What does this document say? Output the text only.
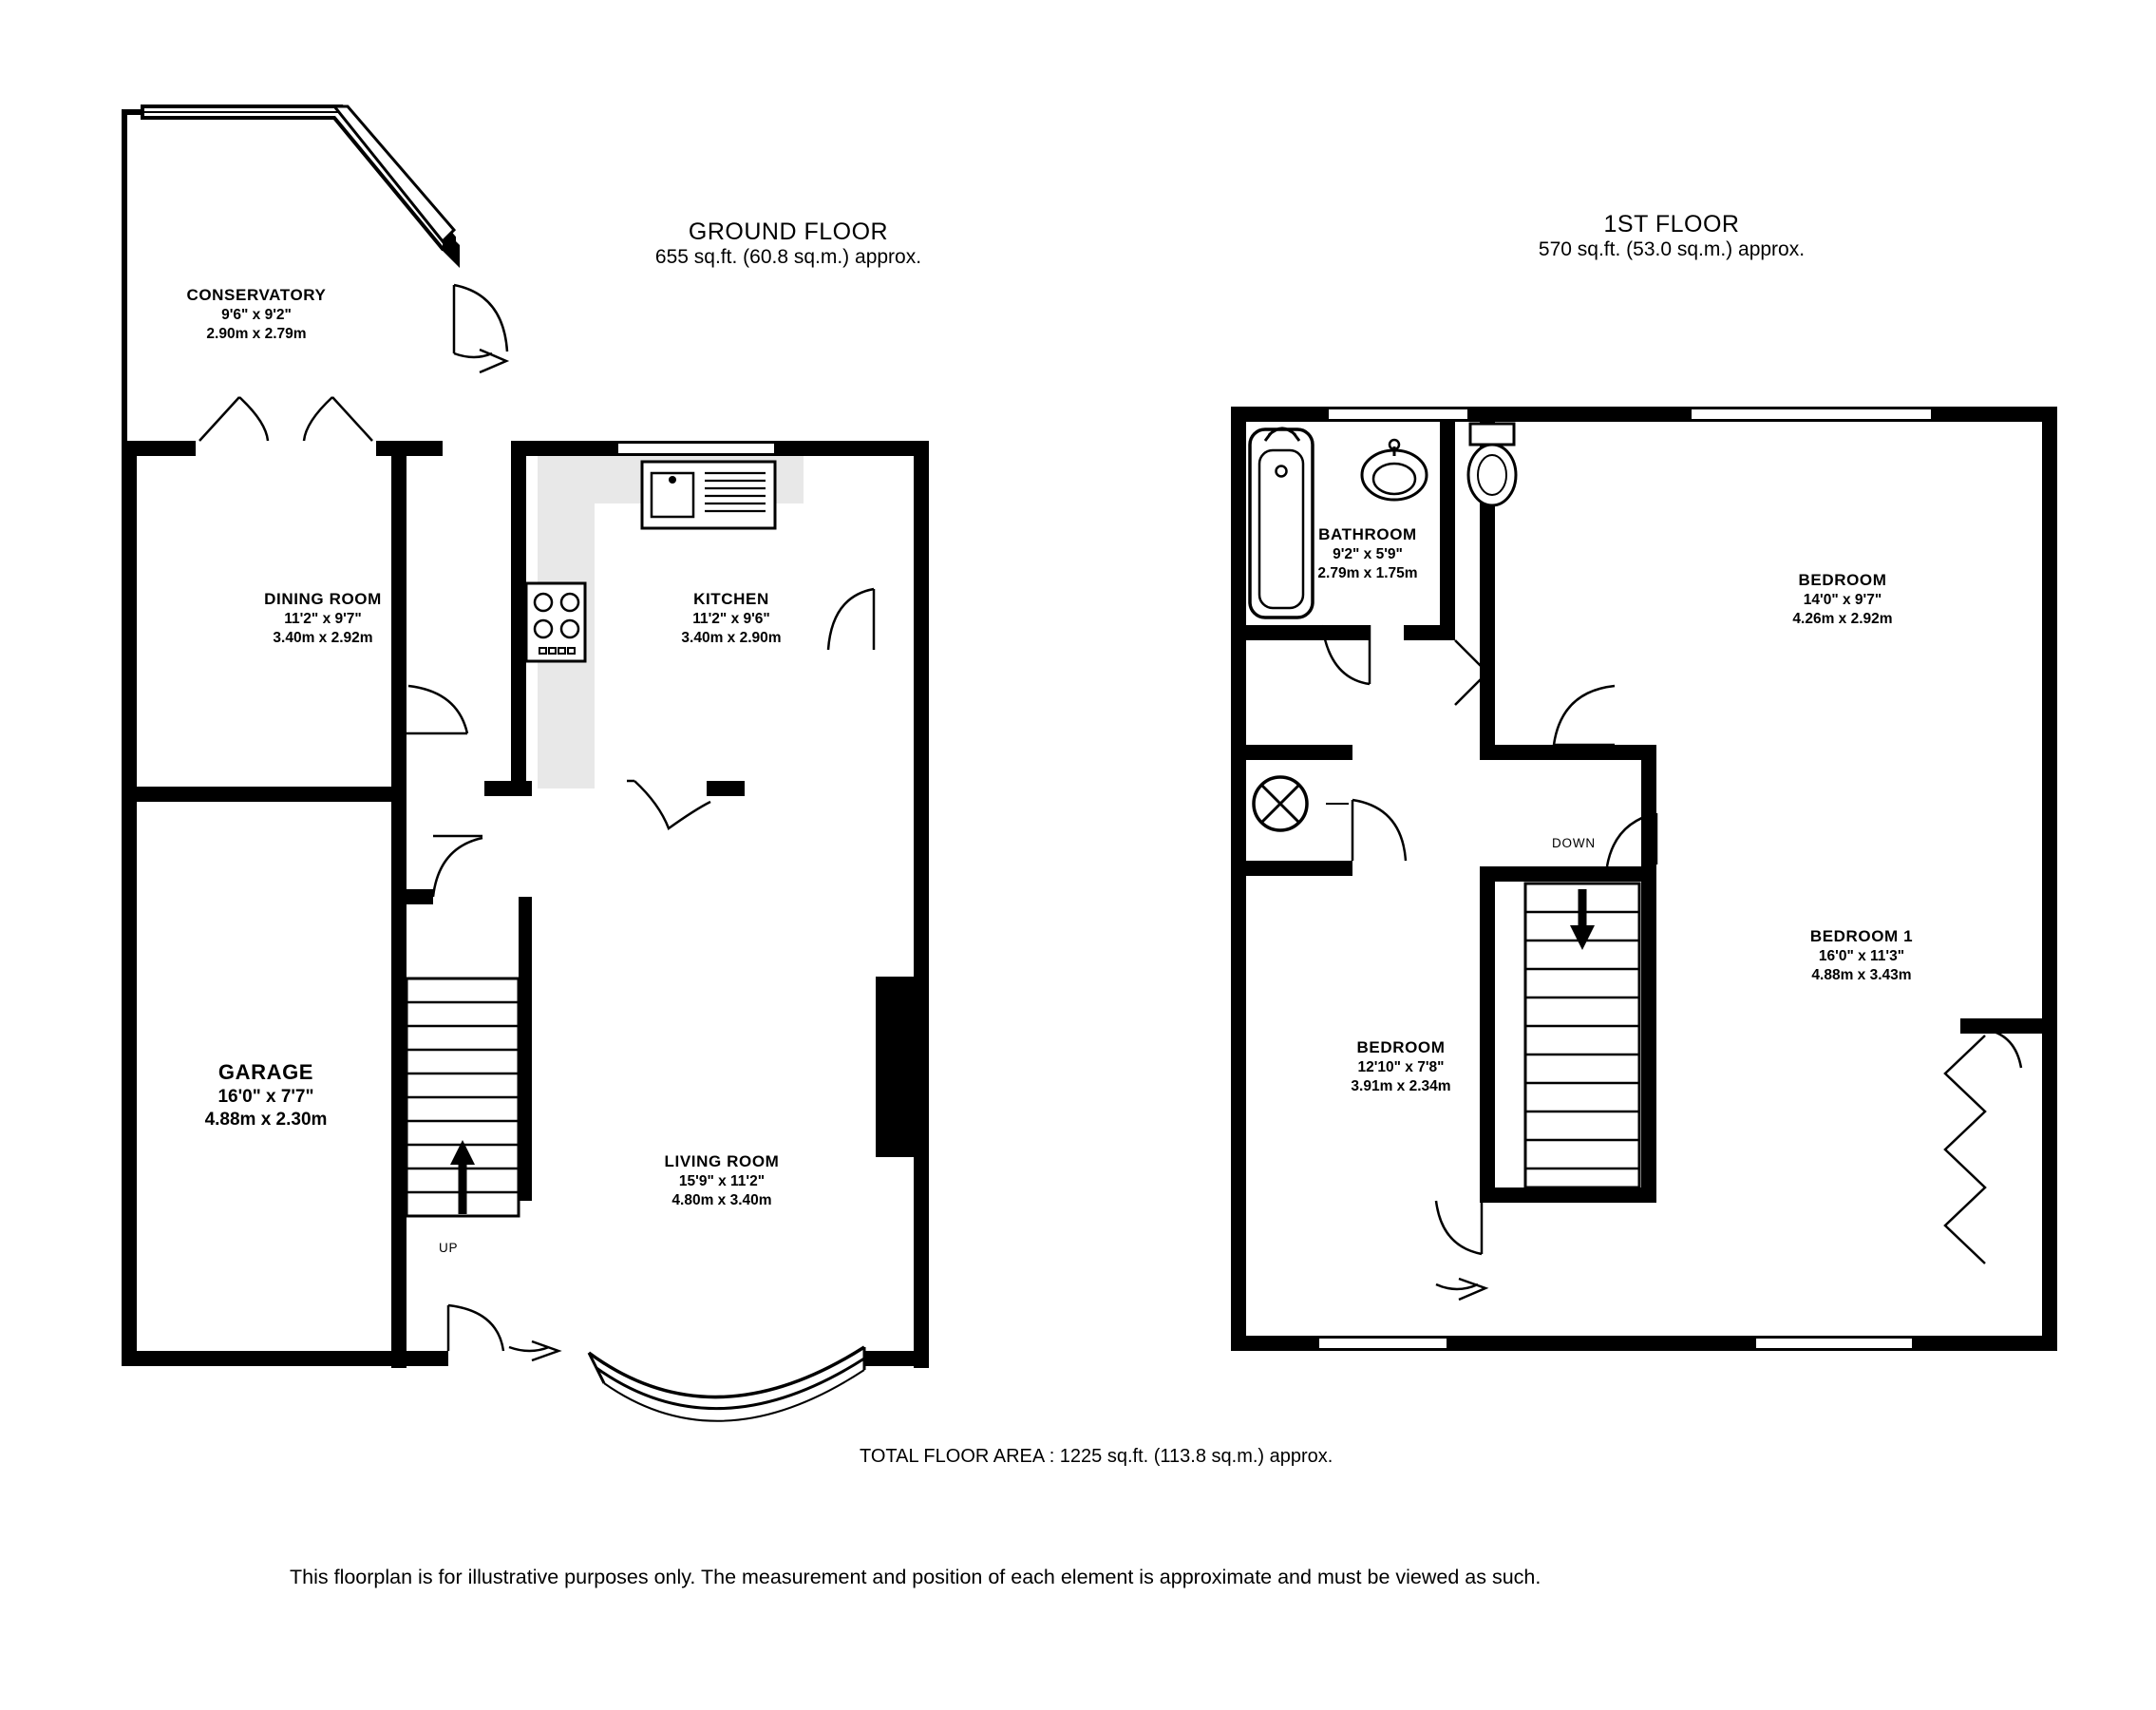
GROUND FLOOR
655 sq.ft. (60.8 sq.m.) approx.
1ST FLOOR
570 sq.ft. (53.0 sq.m.) approx.
CONSERVATORY
9'6" x 9'2"
2.90m x 2.79m
DINING ROOM
11'2" x 9'7"
3.40m x 2.92m
KITCHEN
11'2" x 9'6"
3.40m x 2.90m
GARAGE
16'0" x 7'7"
4.88m x 2.30m
LIVING ROOM
15'9" x 11'2"
4.80m x 3.40m
UP
BATHROOM
9'2" x 5'9"
2.79m x 1.75m	BEDROOM
14'0" x 9'7"
4.26m x 2.92m
BEDROOM 1
16'0" x 11'3"
4.88m x 3.43m
BEDROOM
12'10" x 7'8"
3.91m x 2.34m
DOWN
TOTAL FLOOR AREA : 1225 sq.ft. (113.8 sq.m.) approx.
This floorplan is for illustrative purposes only. The measurement and position of each element is approximate and must be viewed as such.
